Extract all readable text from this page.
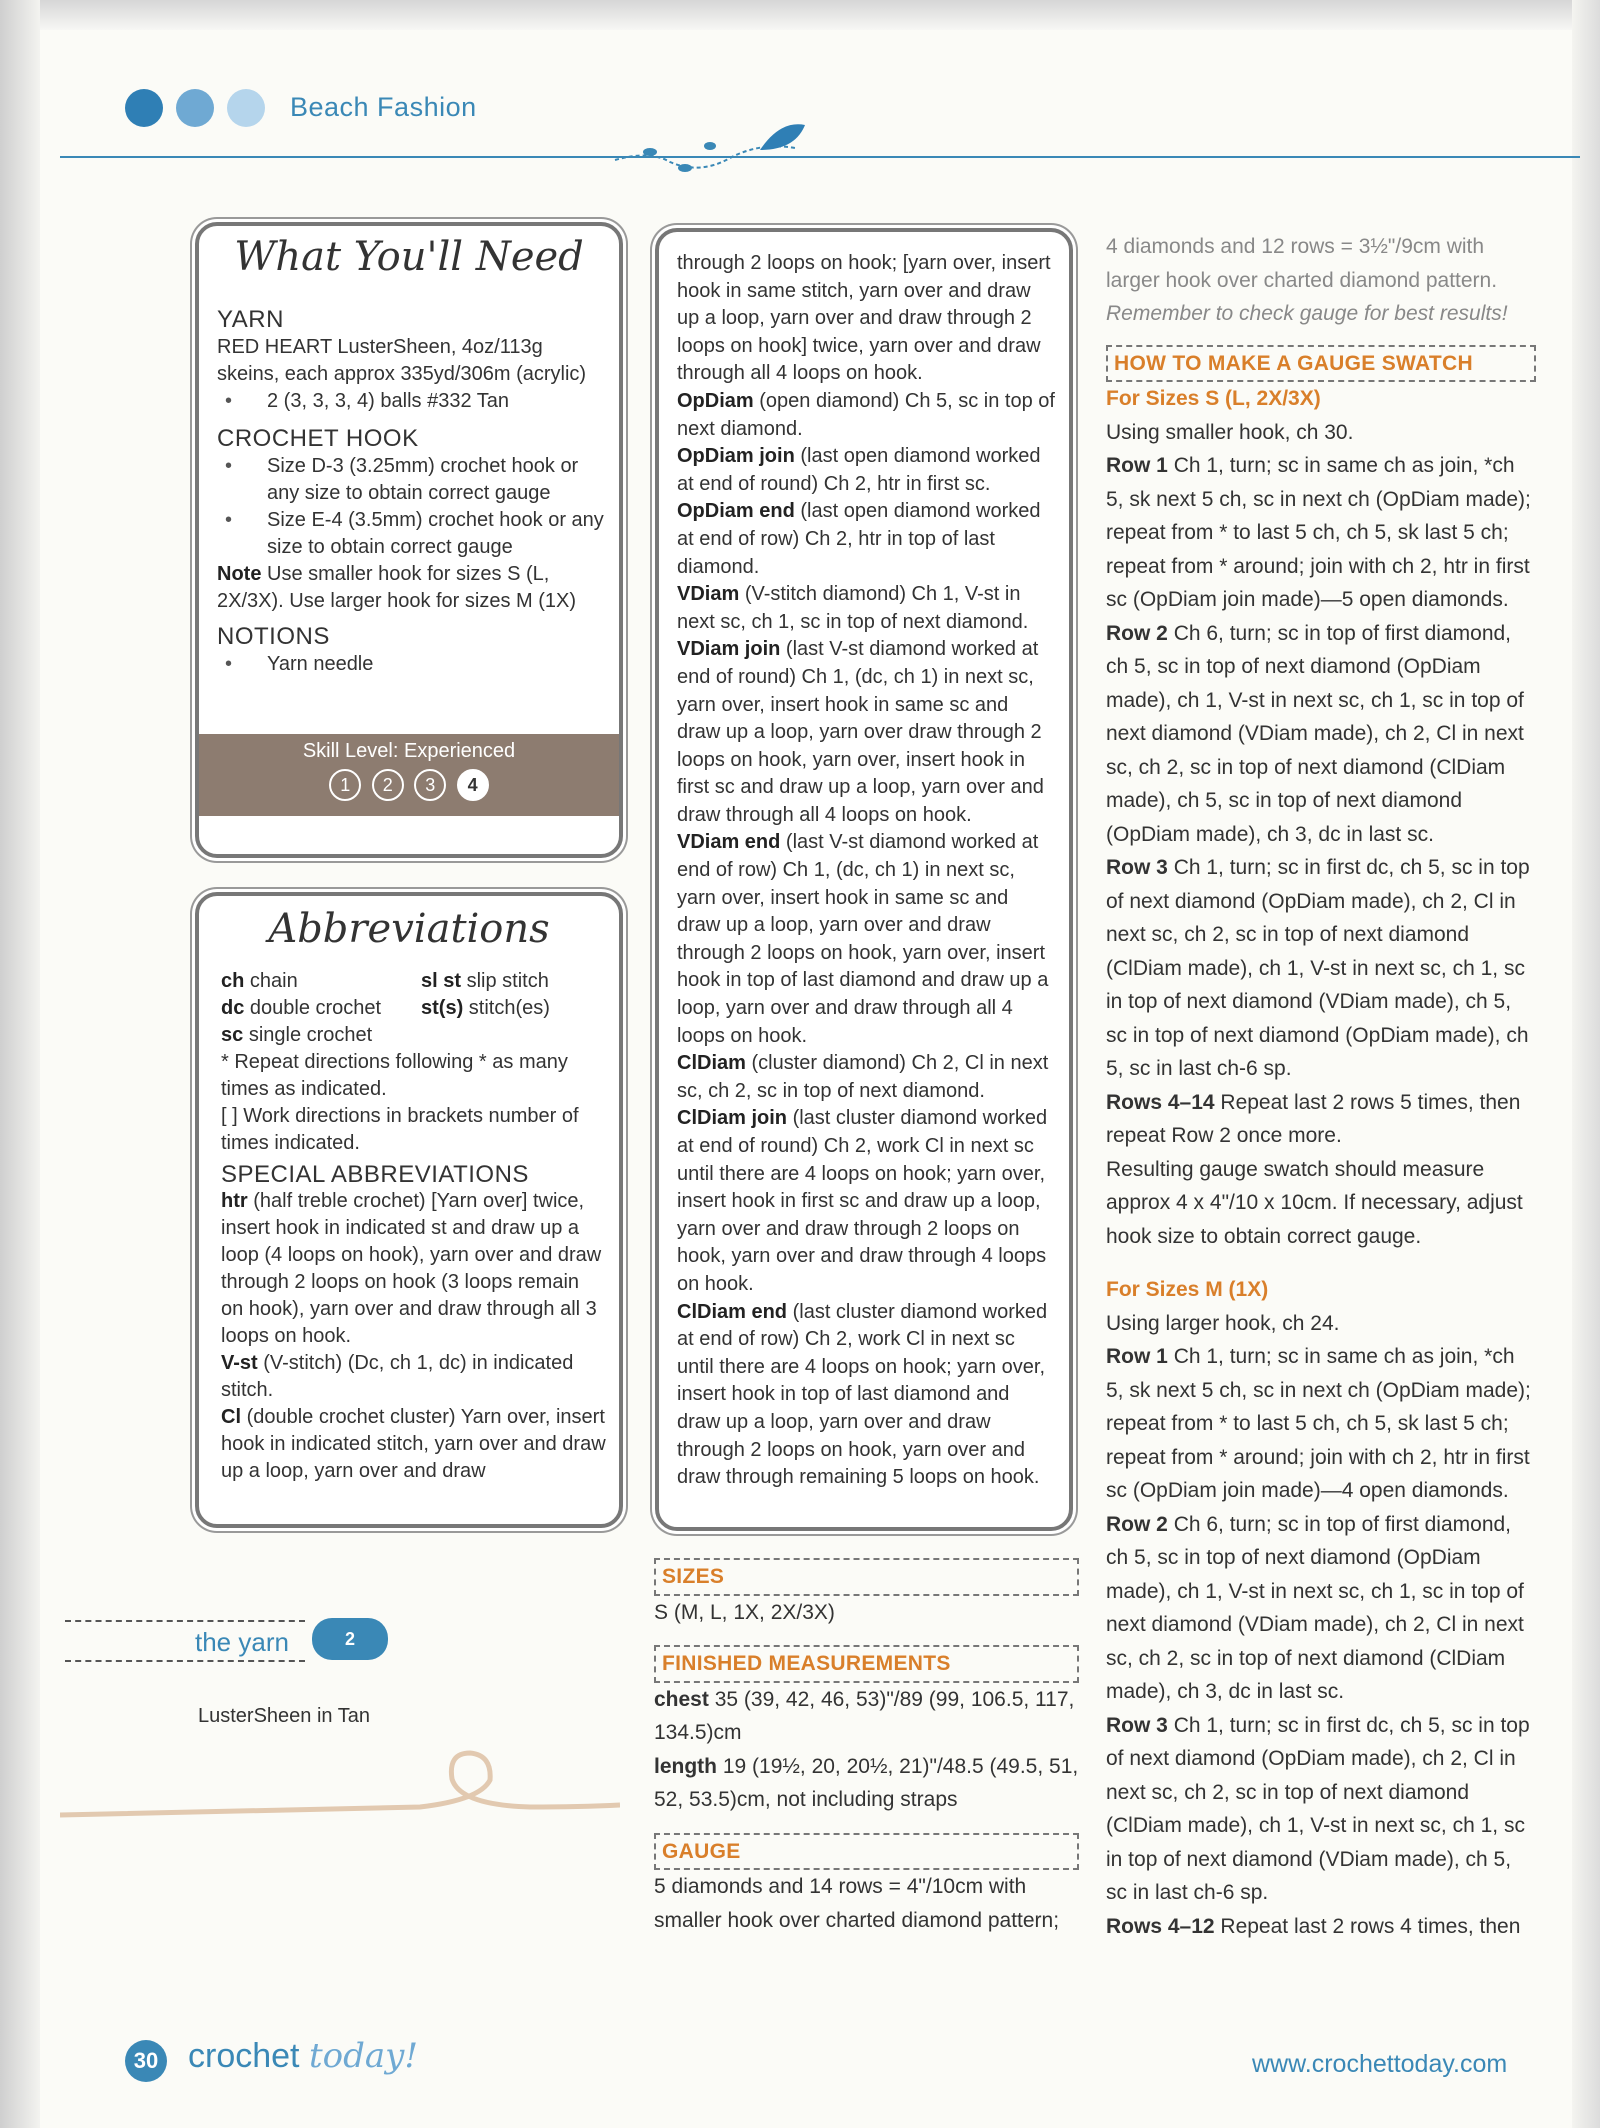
Beach Fashion
What You'll Need
YARN
RED HEART LusterSheen, 4oz/113g skeins, each approx 335yd/306m (acrylic)
• 2 (3, 3, 3, 4) balls #332 Tan
CROCHET HOOK
• Size D-3 (3.25mm) crochet hook or any size to obtain correct gauge
• Size E-4 (3.5mm) crochet hook or any size to obtain correct gauge
Note Use smaller hook for sizes S (L, 2X/3X). Use larger hook for sizes M (1X)
NOTIONS
• Yarn needle
Skill Level: Experienced
1 2 3 4
Abbreviations
ch chain	sl st slip stitch
dc double crochet	st(s) stitch(es)
sc single crochet
* Repeat directions following * as many times as indicated.
[ ] Work directions in brackets number of times indicated.
SPECIAL ABBREVIATIONS
htr (half treble crochet) [Yarn over] twice, insert hook in indicated st and draw up a loop (4 loops on hook), yarn over and draw through 2 loops on hook (3 loops remain on hook), yarn over and draw through all 3 loops on hook.
V-st (V-stitch) (Dc, ch 1, dc) in indicated stitch.
Cl (double crochet cluster) Yarn over, insert hook in indicated stitch, yarn over and draw up a loop, yarn over and draw
through 2 loops on hook; [yarn over, insert hook in same stitch, yarn over and draw up a loop, yarn over and draw through 2 loops on hook] twice, yarn over and draw through all 4 loops on hook.
OpDiam (open diamond) Ch 5, sc in top of next diamond.
OpDiam join (last open diamond worked at end of round) Ch 2, htr in first sc.
OpDiam end (last open diamond worked at end of row) Ch 2, htr in top of last diamond.
VDiam (V-stitch diamond) Ch 1, V-st in next sc, ch 1, sc in top of next diamond.
VDiam join (last V-st diamond worked at end of round) Ch 1, (dc, ch 1) in next sc, yarn over, insert hook in same sc and draw up a loop, yarn over draw through 2 loops on hook, yarn over, insert hook in first sc and draw up a loop, yarn over and draw through all 4 loops on hook.
VDiam end (last V-st diamond worked at end of row) Ch 1, (dc, ch 1) in next sc, yarn over, insert hook in same sc and draw up a loop, yarn over and draw through 2 loops on hook, yarn over, insert hook in top of last diamond and draw up a loop, yarn over and draw through all 4 loops on hook.
ClDiam (cluster diamond) Ch 2, Cl in next sc, ch 2, sc in top of next diamond.
ClDiam join (last cluster diamond worked at end of round) Ch 2, work Cl in next sc until there are 4 loops on hook; yarn over, insert hook in first sc and draw up a loop, yarn over and draw through 2 loops on hook, yarn over and draw through 4 loops on hook.
ClDiam end (last cluster diamond worked at end of row) Ch 2, work Cl in next sc until there are 4 loops on hook; yarn over, insert hook in top of last diamond and draw up a loop, yarn over and draw through 2 loops on hook, yarn over and draw through remaining 5 loops on hook.
SIZES

S (M, L, 1X, 2X/3X)

FINISHED MEASUREMENTS

chest 35 (39, 42, 46, 53)"/89 (99, 106.5, 117, 134.5)cm

length 19 (19½, 20, 20½, 21)"/48.5 (49.5, 51, 52, 53.5)cm, not including straps

GAUGE

5 diamonds and 14 rows = 4"/10cm with smaller hook over charted diamond pattern;

4 diamonds and 12 rows = 3½"/9cm with larger hook over charted diamond pattern.

Remember to check gauge for best results!

HOW TO MAKE A GAUGE SWATCH

For Sizes S (L, 2X/3X)

Using smaller hook, ch 30.

Row 1 Ch 1, turn; sc in same ch as join, *ch 5, sk next 5 ch, sc in next ch (OpDiam made); repeat from * to last 5 ch, ch 5, sk last 5 ch; repeat from * around; join with ch 2, htr in first sc (OpDiam join made)—5 open diamonds.

Row 2 Ch 6, turn; sc in top of first diamond, ch 5, sc in top of next diamond (OpDiam made), ch 1, V-st in next sc, ch 1, sc in top of next diamond (VDiam made), ch 2, Cl in next sc, ch 2, sc in top of next diamond (ClDiam made), ch 5, sc in top of next diamond (OpDiam made), ch 3, dc in last sc.

Row 3 Ch 1, turn; sc in first dc, ch 5, sc in top of next diamond (OpDiam made), ch 2, Cl in next sc, ch 2, sc in top of next diamond (ClDiam made), ch 1, V-st in next sc, ch 1, sc in top of next diamond (VDiam made), ch 5, sc in top of next diamond (OpDiam made), ch 5, sc in last ch-6 sp.

Rows 4–14 Repeat last 2 rows 5 times, then repeat Row 2 once more.

Resulting gauge swatch should measure approx 4 x 4"/10 x 10cm. If necessary, adjust hook size to obtain correct gauge.

For Sizes M (1X)

Using larger hook, ch 24.

Row 1 Ch 1, turn; sc in same ch as join, *ch 5, sk next 5 ch, sc in next ch (OpDiam made); repeat from * to last 5 ch, ch 5, sk last 5 ch; repeat from * around; join with ch 2, htr in first sc (OpDiam join made)—4 open diamonds.

Row 2 Ch 6, turn; sc in top of first diamond, ch 5, sc in top of next diamond (OpDiam made), ch 1, V-st in next sc, ch 1, sc in top of next diamond (VDiam made), ch 2, Cl in next sc, ch 2, sc in top of next diamond (ClDiam made), ch 3, dc in last sc.

Row 3 Ch 1, turn; sc in first dc, ch 5, sc in top of next diamond (OpDiam made), ch 2, Cl in next sc, ch 2, sc in top of next diamond (ClDiam made), ch 1, V-st in next sc, ch 1, sc in top of next diamond (VDiam made), ch 5, sc in last ch-6 sp.

Rows 4–12 Repeat last 2 rows 4 times, then

the yarn	2
LusterSheen in Tan
30 crochet today!	www.crochettoday.com
